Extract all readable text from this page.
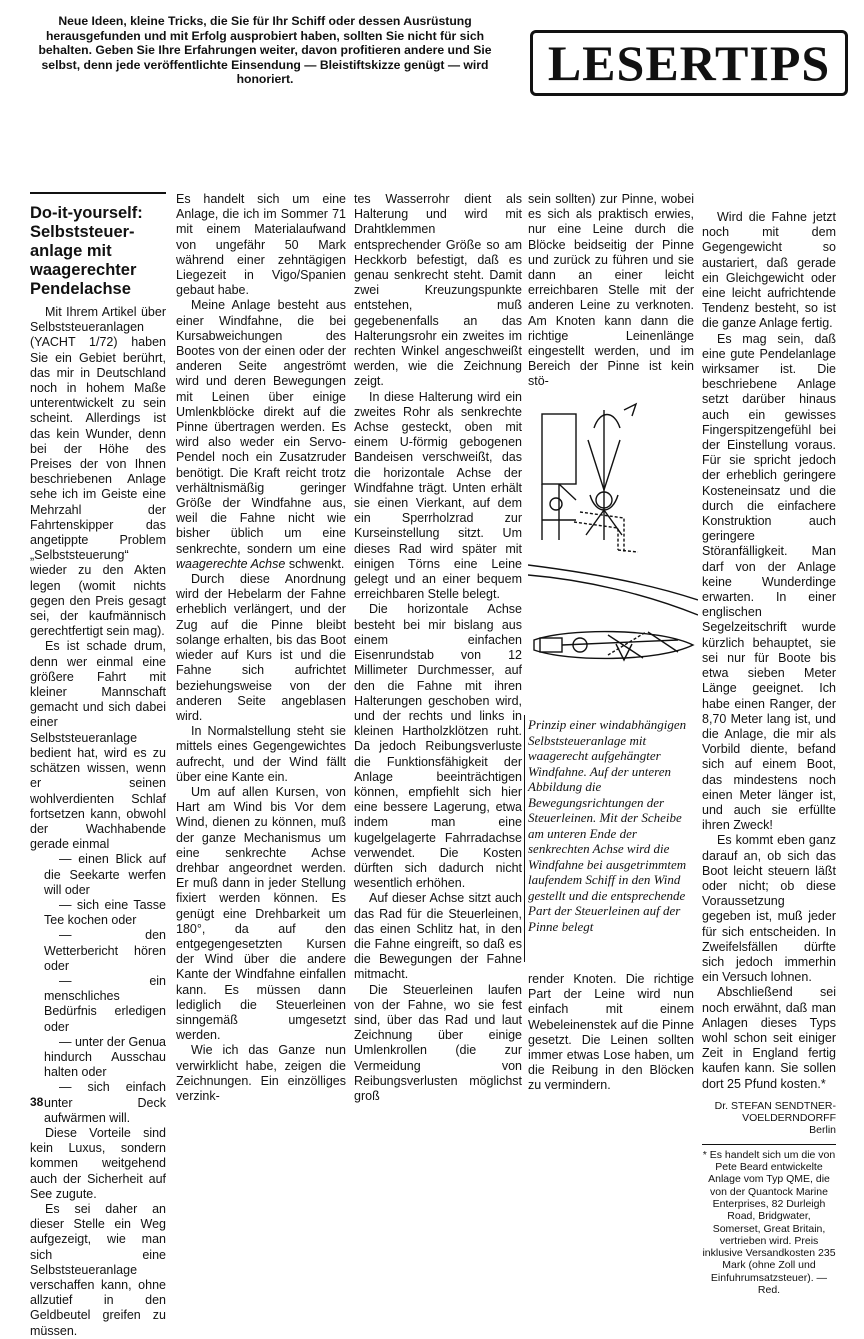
Neue Ideen, kleine Tricks, die Sie für Ihr Schiff oder dessen Ausrüstung herausgefunden und mit Erfolg ausprobiert haben, sollten Sie nicht für sich behalten. Geben Sie Ihre Erfahrungen weiter, davon profitieren andere und Sie selbst, denn jede veröffentlichte Einsendung — Bleistiftskizze genügt — wird honoriert.	LESERTIPS
Do-it-yourself: Selbststeueranlage mit waagerechter Pendelachse

Mit Ihrem Artikel über Selbststeueranlagen (YACHT 1/72) haben Sie ein Gebiet berührt, das mir in Deutschland noch in hohem Maße unterentwickelt zu sein scheint. Allerdings ist das kein Wunder, denn bei der Höhe des Preises der von Ihnen beschriebenen Anlage sehe ich im Geiste eine Mehrzahl der Fahrtenskipper das angetippte Problem „Selbststeuerung“ wieder zu den Akten legen (womit nichts gegen den Preis gesagt sei, der kaufmännisch gerechtfertigt sein mag).

Es ist schade drum, denn wer einmal eine größere Fahrt mit kleiner Mannschaft gemacht und sich dabei einer Selbststeueranlage bedient hat, wird es zu schätzen wissen, wenn er seinen wohlverdienten Schlaf fortsetzen kann, obwohl der Wachhabende gerade einmal

— einen Blick auf die Seekarte werfen will oder

— sich eine Tasse Tee kochen oder

— den Wetterbericht hören oder

— ein menschliches Bedürfnis erledigen oder

— unter der Genua hindurch Ausschau halten oder

— sich einfach unter Deck aufwärmen will.

Diese Vorteile sind kein Luxus, sondern kommen weitgehend auch der Sicherheit auf See zugute.

Es sei daher an dieser Stelle ein Weg aufgezeigt, wie man sich eine Selbststeueranlage verschaffen kann, ohne allzutief in den Geldbeutel greifen zu müssen.

Es handelt sich um eine Anlage, die ich im Sommer 71 mit einem Materialaufwand von ungefähr 50 Mark während einer zehntägigen Liegezeit in Vigo/Spanien gebaut habe.

Meine Anlage besteht aus einer Windfahne, die bei Kursabweichungen des Bootes von der einen oder der anderen Seite angeströmt wird und deren Bewegungen mit Leinen über einige Umlenkblöcke direkt auf die Pinne übertragen werden. Es wird also weder ein Servo-Pendel noch ein Zusatzruder benötigt. Die Kraft reicht trotz verhältnismäßig geringer Größe der Windfahne aus, weil die Fahne nicht wie bisher üblich um eine senkrechte, sondern um eine waagerechte Achse schwenkt.

Durch diese Anordnung wird der Hebelarm der Fahne erheblich verlängert, und der Zug auf die Pinne bleibt solange erhalten, bis das Boot wieder auf Kurs ist und die Fahne sich aufrichtet beziehungsweise von der anderen Seite angeblasen wird.

In Normalstellung steht sie mittels eines Gegengewichtes aufrecht, und der Wind fällt über eine Kante ein.

Um auf allen Kursen, von Hart am Wind bis Vor dem Wind, dienen zu können, muß der ganze Mechanismus um eine senkrechte Achse drehbar angeordnet werden. Er muß dann in jeder Stellung fixiert werden können. Es genügt eine Drehbarkeit um 180°, da auf den entgegengesetzten Kursen der Wind über die andere Kante der Windfahne einfallen kann. Es müssen dann lediglich die Steuerleinen sinngemäß umgesetzt werden.

Wie ich das Ganze nun verwirklicht habe, zeigen die Zeichnungen. Ein einzölliges verzink-

tes Wasserrohr dient als Halterung und wird mit Drahtklemmen entsprechender Größe so am Heckkorb befestigt, daß es genau senkrecht steht. Damit zwei Kreuzungspunkte entstehen, muß gegebenenfalls an das Halterungsrohr ein zweites im rechten Winkel angeschweißt werden, wie die Zeichnung zeigt.

In diese Halterung wird ein zweites Rohr als senkrechte Achse gesteckt, oben mit einem U-förmig gebogenen Bandeisen verschweißt, das die horizontale Achse der Windfahne trägt. Unten erhält sie einen Vierkant, auf dem ein Sperrholzrad zur Kurseinstellung sitzt. Um dieses Rad wird später mit einigen Törns eine Leine gelegt und an einer bequem erreichbaren Stelle belegt.

Die horizontale Achse besteht bei mir bislang aus einem einfachen Eisenrundstab von 12 Millimeter Durchmesser, auf den die Fahne mit ihren Halterungen geschoben wird, und der rechts und links in kleinen Hartholzklötzen ruht. Da jedoch Reibungsverluste die Funktionsfähigkeit der Anlage beeinträchtigen können, empfiehlt sich hier eine bessere Lagerung, etwa indem man eine kugelgelagerte Fahrradachse verwendet. Die Kosten dürften sich dadurch nicht wesentlich erhöhen.

Auf dieser Achse sitzt auch das Rad für die Steuerleinen, das einen Schlitz hat, in den die Fahne eingreift, so daß es die Bewegungen der Fahne mitmacht.

Die Steuerleinen laufen von der Fahne, wo sie fest sind, über das Rad und laut Zeichnung über einige Umlenkrollen (die zur Vermeidung von Reibungsverlusten möglichst groß

sein sollten) zur Pinne, wobei es sich als praktisch erwies, nur eine Leine durch die Blöcke beidseitig der Pinne und zurück zu führen und sie dann an einer leicht erreichbaren Stelle mit der anderen Leine zu verknoten. Am Knoten kann dann die richtige Leinenlänge eingestellt werden, und im Bereich der Pinne ist kein stö-

Prinzip einer windabhängigen Selbststeueranlage mit waagerecht aufgehängter Windfahne. Auf der unteren Abbildung die Bewegungsrichtungen der Steuerleinen. Mit der Scheibe am unteren Ende der senkrechten Achse wird die Windfahne bei ausgetrimmtem laufendem Schiff in den Wind gestellt und die entsprechende Part der Steuerleinen auf der Pinne belegt

render Knoten. Die richtige Part der Leine wird nun einfach mit einem Webeleinenstek auf die Pinne gesetzt. Die Leinen sollten immer etwas Lose haben, um die Reibung in den Blöcken zu vermindern.

Wird die Fahne jetzt noch mit dem Gegengewicht so austariert, daß gerade ein Gleichgewicht oder eine leicht aufrichtende Tendenz besteht, so ist die ganze Anlage fertig.

Es mag sein, daß eine gute Pendelanlage wirksamer ist. Die beschriebene Anlage setzt darüber hinaus auch ein gewisses Fingerspitzengefühl bei der Einstellung voraus. Für sie spricht jedoch der erheblich geringere Kosteneinsatz und die durch die einfachere Konstruktion auch geringere Störanfälligkeit. Man darf von der Anlage keine Wunderdinge erwarten. In einer englischen Segelzeitschrift wurde kürzlich behauptet, sie sei nur für Boote bis etwa sieben Meter Länge geeignet. Ich habe einen Ranger, der 8,70 Meter lang ist, und die Anlage, die mir als Vorbild diente, befand sich auf einem Boot, das mindestens noch einen Meter länger ist, und auch sie erfüllte ihren Zweck!

Es kommt eben ganz darauf an, ob sich das Boot leicht steuern läßt oder nicht; ob diese Voraussetzung gegeben ist, muß jeder für sich entscheiden. In Zweifelsfällen dürfte sich jedoch immerhin ein Versuch lohnen.

Abschließend sei noch erwähnt, daß man Anlagen dieses Typs wohl schon seit einiger Zeit in England fertig kaufen kann. Sie sollen dort 25 Pfund kosten.*

Dr. STEFAN SENDTNER-
VOELDERNDORFF
Berlin
* Es handelt sich um die von Pete Beard entwickelte Anlage vom Typ QME, die von der Quantock Marine Enterprises, 82 Durleigh Road, Bridgwater, Somerset, Great Britain, vertrieben wird. Preis inklusive Versandkosten 235 Mark (ohne Zoll und Einfuhrumsatzsteuer). — Red.
38
